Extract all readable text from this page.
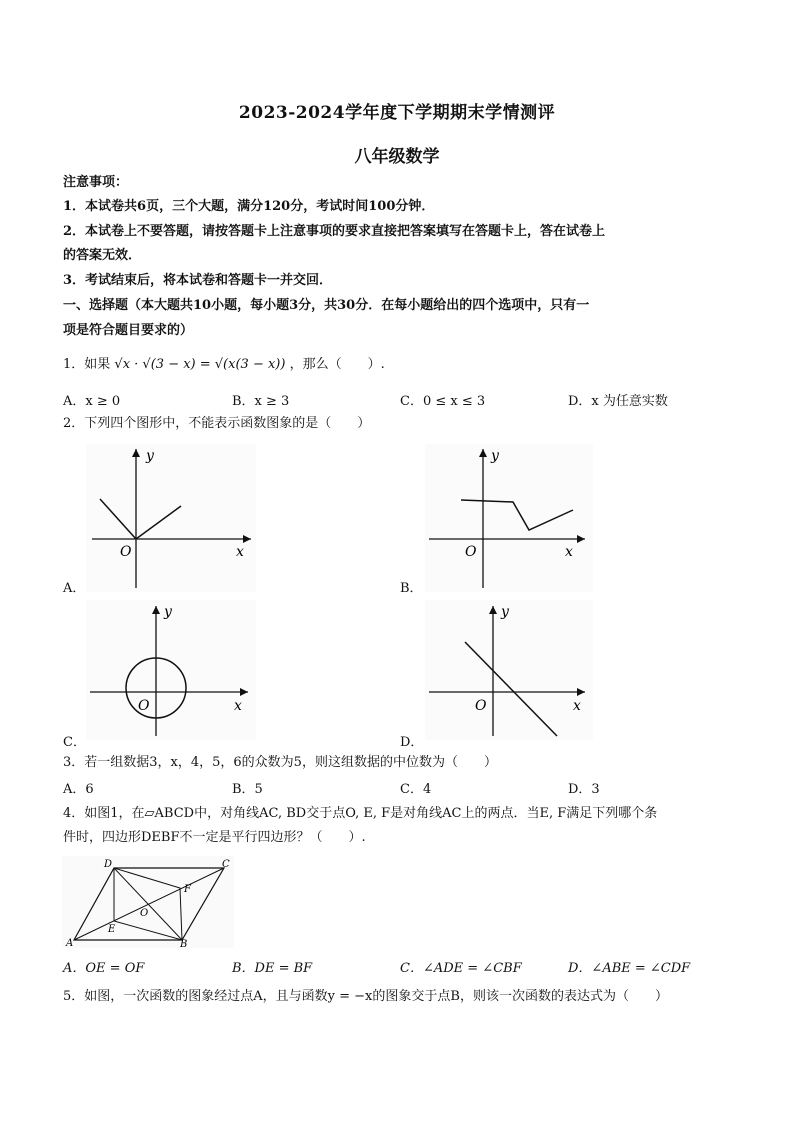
2023-2024学年度下学期期末学情测评
八年级数学
注意事项：
1．本试卷共6页，三个大题，满分120分，考试时间100分钟．
2．本试卷上不要答题，请按答题卡上注意事项的要求直接把答案填写在答题卡上，答在试卷上
的答案无效．
3．考试结束后，将本试卷和答题卡一并交回．
一、选择题（本大题共10小题，每小题3分，共30分．在每小题给出的四个选项中，只有一
项是符合题目要求的）
1．如果 √x · √(3 − x) = √(x(3 − x)) ，那么（　　）.
A．x ≥ 0	B．x ≥ 3	C．0 ≤ x ≤ 3	D．x 为任意实数
2．下列四个图形中，不能表示函数图象的是（　　）
y
x
O
A．
y
x
O
B．
y
x
O
C．
y
x
O
D．
3．若一组数据3，x，4，5，6的众数为5，则这组数据的中位数为（　　）
A．6	B．5	C．4	D．3
4．如图1，在▱ABCD中，对角线AC, BD交于点O, E, F是对角线AC上的两点．当E, F满足下列哪个条
件时，四边形DEBF不一定是平行四边形？（　　）.
D	C
A	B
E
F
O
A．OE = OF	B．DE = BF	C．∠ADE = ∠CBF	D．∠ABE = ∠CDF
5．如图，一次函数的图象经过点A，且与函数y = −x的图象交于点B，则该一次函数的表达式为（　　）
